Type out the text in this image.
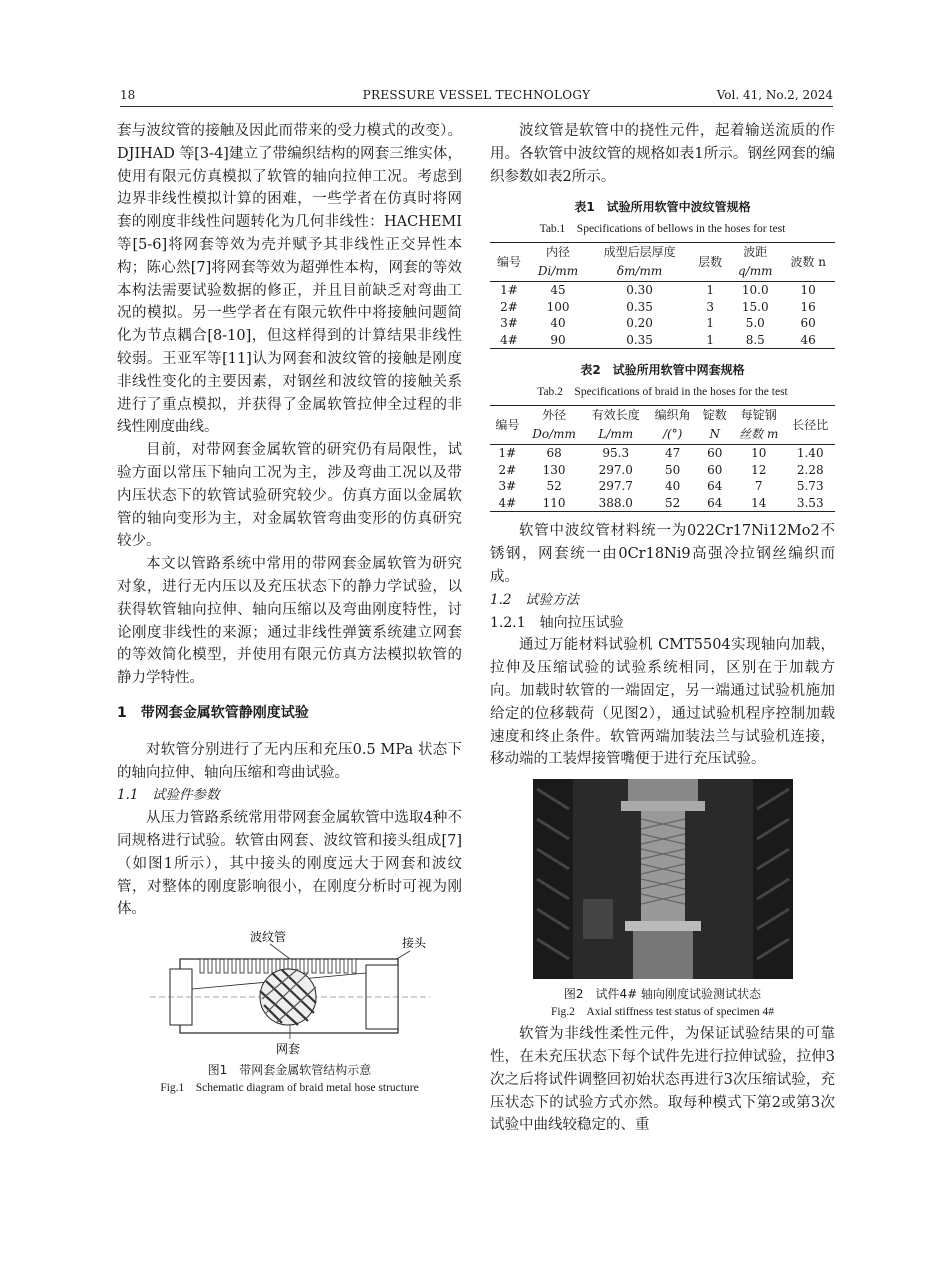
18	PRESSURE VESSEL TECHNOLOGY	Vol. 41, No.2, 2024

套与波纹管的接触及因此而带来的受力模式的改变）。DJIHAD 等[3-4]建立了带编织结构的网套三维实体，使用有限元仿真模拟了软管的轴向拉伸工况。考虑到边界非线性模拟计算的困难，一些学者在仿真时将网套的刚度非线性问题转化为几何非线性：HACHEMI 等[5-6]将网套等效为壳并赋予其非线性正交异性本构；陈心然[7]将网套等效为超弹性本构，网套的等效本构法需要试验数据的修正，并且目前缺乏对弯曲工况的模拟。另一些学者在有限元软件中将接触问题简化为节点耦合[8-10]，但这样得到的计算结果非线性较弱。王亚军等[11]认为网套和波纹管的接触是刚度非线性变化的主要因素，对钢丝和波纹管的接触关系进行了重点模拟，并获得了金属软管拉伸全过程的非线性刚度曲线。

目前，对带网套金属软管的研究仍有局限性，试验方面以常压下轴向工况为主，涉及弯曲工况以及带内压状态下的软管试验研究较少。仿真方面以金属软管的轴向变形为主，对金属软管弯曲变形的仿真研究较少。

本文以管路系统中常用的带网套金属软管为研究对象，进行无内压以及充压状态下的静力学试验，以获得软管轴向拉伸、轴向压缩以及弯曲刚度特性，讨论刚度非线性的来源；通过非线性弹簧系统建立网套的等效简化模型，并使用有限元仿真方法模拟软管的静力学特性。

1　带网套金属软管静刚度试验

对软管分别进行了无内压和充压0.5 MPa 状态下的轴向拉伸、轴向压缩和弯曲试验。

1.1　试验件参数

从压力管路系统常用带网套金属软管中选取4种不同规格进行试验。软管由网套、波纹管和接头组成[7]（如图1所示），其中接头的刚度远大于网套和波纹管，对整体的刚度影响很小，在刚度分析时可视为刚体。

波纹管	接头
网套
图1　带网套金属软管结构示意
Fig.1　Schematic diagram of braid metal hose structure

波纹管是软管中的挠性元件，起着输送流质的作用。各软管中波纹管的规格如表1所示。钢丝网套的编织参数如表2所示。

表1　试验所用软管中波纹管规格
Tab.1　Specifications of bellows in the hoses for test
编号	内径	成型后层厚度	层数	波距	波数 n
	Di/mm	δm/mm		q/mm	
1#	45	0.30	1	10.0	10
2#	100	0.35	3	15.0	16
3#	40	0.20	1	5.0	60
4#	90	0.35	1	8.5	46
表2　试验所用软管中网套规格
Tab.2　Specifications of braid in the hoses for the test
编号	外径	有效长度	编织角	锭数	每锭钢	长径比
	Do/mm	L/mm	/(°)	N	丝数 m	
1#	68	95.3	47	60	10	1.40
2#	130	297.0	50	60	12	2.28
3#	52	297.7	40	64	7	5.73
4#	110	388.0	52	64	14	3.53

软管中波纹管材料统一为022Cr17Ni12Mo2不锈钢，网套统一由0Cr18Ni9高强冷拉钢丝编织而成。

1.2　试验方法

1.2.1　轴向拉压试验

通过万能材料试验机 CMT5504实现轴向加载，拉伸及压缩试验的试验系统相同，区别在于加载方向。加载时软管的一端固定，另一端通过试验机施加给定的位移载荷（见图2），通过试验机程序控制加载速度和终止条件。软管两端加装法兰与试验机连接，移动端的工装焊接管嘴便于进行充压试验。

图2　试件4# 轴向刚度试验测试状态
Fig.2　Axial stiffness test status of specimen 4#

软管为非线性柔性元件，为保证试验结果的可靠性，在未充压状态下每个试件先进行拉伸试验，拉伸3次之后将试件调整回初始状态再进行3次压缩试验，充压状态下的试验方式亦然。取每种模式下第2或第3次试验中曲线较稳定的、重
